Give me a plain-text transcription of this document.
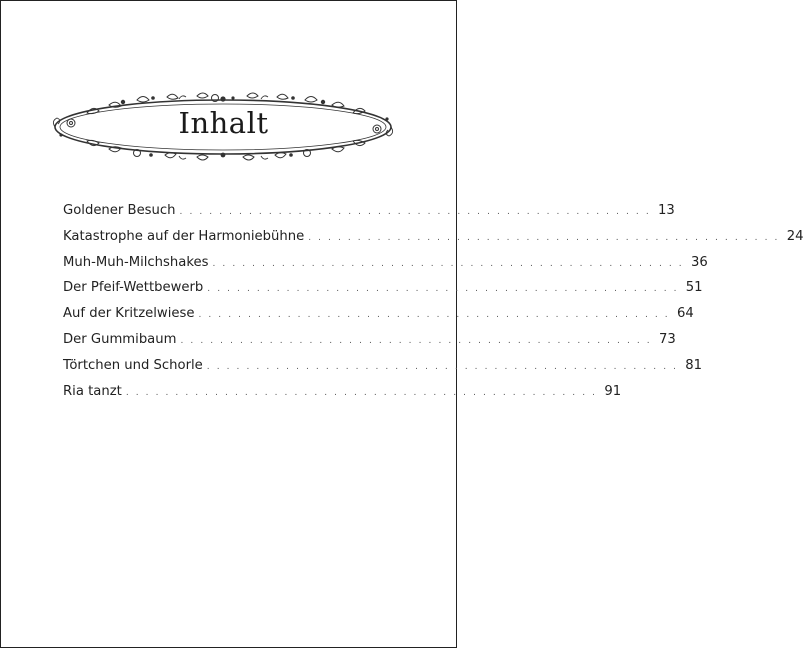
Inhalt
Goldener Besuch . . . . . . . . . . . . . . . . . . . . . . . . . . . . . . . . . . . . . . . . . . . . . . . . 13
Katastrophe auf der Harmoniebühne . . . . . . . . . . . . . . . . . . . . . . . . . . . . . . . . . . . . . . . . . . . . . . . . 24
Muh-Muh-Milchshakes . . . . . . . . . . . . . . . . . . . . . . . . . . . . . . . . . . . . . . . . . . . . . . . . 36
Der Pfeif-Wettbewerb . . . . . . . . . . . . . . . . . . . . . . . . . . . . . . . . . . . . . . . . . . . . . . . . 51
Auf der Kritzelwiese . . . . . . . . . . . . . . . . . . . . . . . . . . . . . . . . . . . . . . . . . . . . . . . . 64
Der Gummibaum . . . . . . . . . . . . . . . . . . . . . . . . . . . . . . . . . . . . . . . . . . . . . . . . 73
Törtchen und Schorle . . . . . . . . . . . . . . . . . . . . . . . . . . . . . . . . . . . . . . . . . . . . . . . . 81
Ria tanzt . . . . . . . . . . . . . . . . . . . . . . . . . . . . . . . . . . . . . . . . . . . . . . . . 91
